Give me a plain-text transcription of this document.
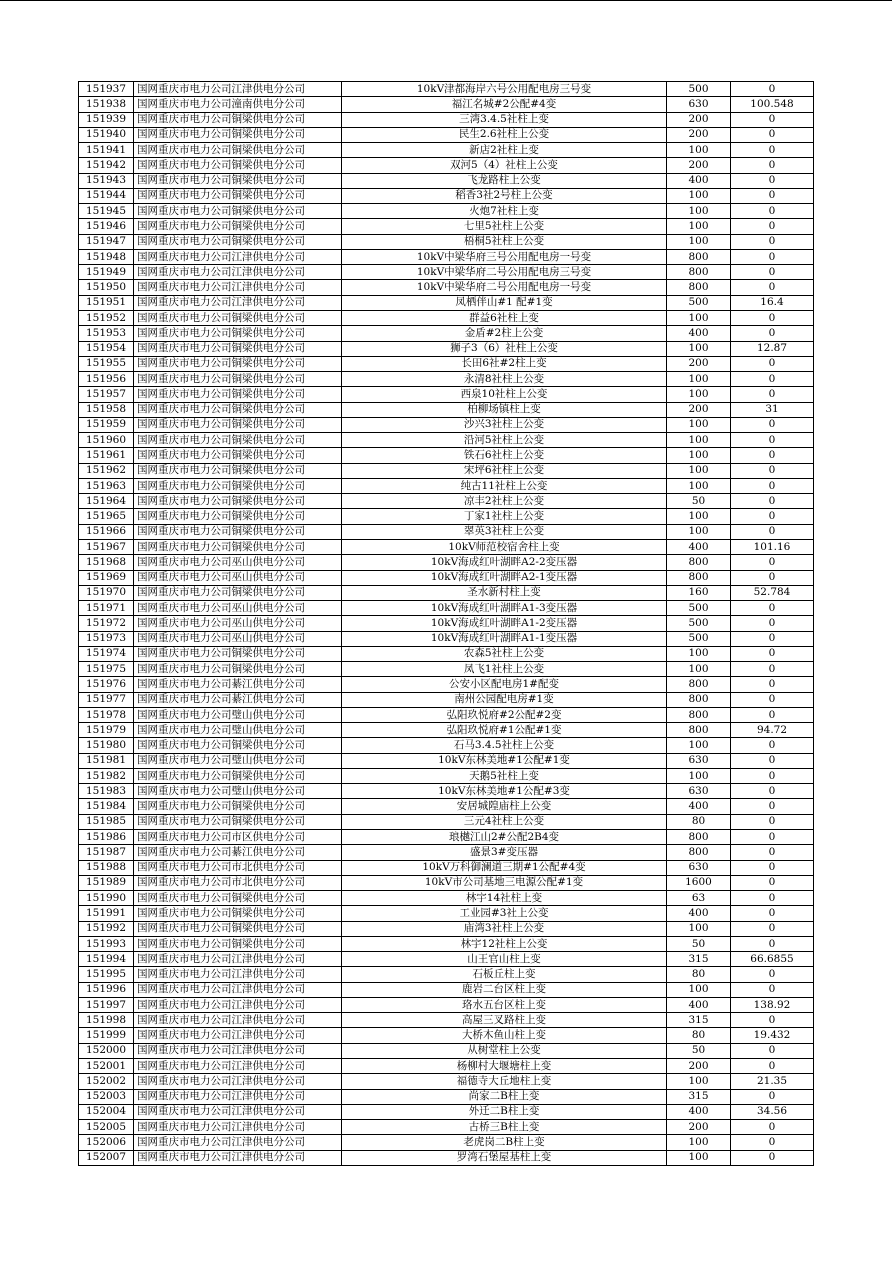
151937	国网重庆市电力公司江津供电分公司	10kV津都海岸六号公用配电房三号变	500	0
151938	国网重庆市电力公司潼南供电分公司	福江名城#2公配#4变	630	100.548
151939	国网重庆市电力公司铜梁供电分公司	三湾3.4.5社柱上变	200	0
151940	国网重庆市电力公司铜梁供电分公司	民生2.6社柱上公变	200	0
151941	国网重庆市电力公司铜梁供电分公司	新店2社柱上变	100	0
151942	国网重庆市电力公司铜梁供电分公司	双河5（4）社柱上公变	200	0
151943	国网重庆市电力公司铜梁供电分公司	飞龙路柱上公变	400	0
151944	国网重庆市电力公司铜梁供电分公司	稻香3社2号柱上公变	100	0
151945	国网重庆市电力公司铜梁供电分公司	火炮7社柱上变	100	0
151946	国网重庆市电力公司铜梁供电分公司	七里5社柱上公变	100	0
151947	国网重庆市电力公司铜梁供电分公司	梧桐5社柱上公变	100	0
151948	国网重庆市电力公司江津供电分公司	10kV中梁华府三号公用配电房一号变	800	0
151949	国网重庆市电力公司江津供电分公司	10kV中梁华府二号公用配电房三号变	800	0
151950	国网重庆市电力公司江津供电分公司	10kV中梁华府二号公用配电房一号变	800	0
151951	国网重庆市电力公司江津供电分公司	凤栖伴山#1 配#1变	500	16.4
151952	国网重庆市电力公司铜梁供电分公司	群益6社柱上变	100	0
151953	国网重庆市电力公司铜梁供电分公司	金盾#2柱上公变	400	0
151954	国网重庆市电力公司铜梁供电分公司	狮子3（6）社柱上公变	100	12.87
151955	国网重庆市电力公司铜梁供电分公司	长田6社#2柱上变	200	0
151956	国网重庆市电力公司铜梁供电分公司	永清8社柱上公变	100	0
151957	国网重庆市电力公司铜梁供电分公司	西泉10社柱上公变	100	0
151958	国网重庆市电力公司铜梁供电分公司	柏柳场镇柱上变	200	31
151959	国网重庆市电力公司铜梁供电分公司	沙兴3社柱上公变	100	0
151960	国网重庆市电力公司铜梁供电分公司	沿河5社柱上公变	100	0
151961	国网重庆市电力公司铜梁供电分公司	铁石6社柱上公变	100	0
151962	国网重庆市电力公司铜梁供电分公司	宋坪6社柱上公变	100	0
151963	国网重庆市电力公司铜梁供电分公司	纯古11社柱上公变	100	0
151964	国网重庆市电力公司铜梁供电分公司	凉丰2社柱上公变	50	0
151965	国网重庆市电力公司铜梁供电分公司	丁家1社柱上公变	100	0
151966	国网重庆市电力公司铜梁供电分公司	翠英3社柱上公变	100	0
151967	国网重庆市电力公司铜梁供电分公司	10kV师范校宿舍柱上变	400	101.16
151968	国网重庆市电力公司巫山供电分公司	10kV海成红叶湖畔A2-2变压器	800	0
151969	国网重庆市电力公司巫山供电分公司	10kV海成红叶湖畔A2-1变压器	800	0
151970	国网重庆市电力公司铜梁供电分公司	圣水新村柱上变	160	52.784
151971	国网重庆市电力公司巫山供电分公司	10kV海成红叶湖畔A1-3变压器	500	0
151972	国网重庆市电力公司巫山供电分公司	10kV海成红叶湖畔A1-2变压器	500	0
151973	国网重庆市电力公司巫山供电分公司	10kV海成红叶湖畔A1-1变压器	500	0
151974	国网重庆市电力公司铜梁供电分公司	农森5社柱上公变	100	0
151975	国网重庆市电力公司铜梁供电分公司	凤飞1社柱上公变	100	0
151976	国网重庆市电力公司綦江供电分公司	公安小区配电房1#配变	800	0
151977	国网重庆市电力公司綦江供电分公司	南州公园配电房#1变	800	0
151978	国网重庆市电力公司璧山供电分公司	弘阳玖悦府#2公配#2变	800	0
151979	国网重庆市电力公司璧山供电分公司	弘阳玖悦府#1公配#1变	800	94.72
151980	国网重庆市电力公司铜梁供电分公司	石马3.4.5社柱上公变	100	0
151981	国网重庆市电力公司璧山供电分公司	10kV东林美地#1公配#1变	630	0
151982	国网重庆市电力公司铜梁供电分公司	天鹅5社柱上变	100	0
151983	国网重庆市电力公司璧山供电分公司	10kV东林美地#1公配#3变	630	0
151984	国网重庆市电力公司铜梁供电分公司	安居城隍庙柱上公变	400	0
151985	国网重庆市电力公司铜梁供电分公司	三元4社柱上公变	80	0
151986	国网重庆市电力公司市区供电分公司	琅樾江山2#公配2B4变	800	0
151987	国网重庆市电力公司綦江供电分公司	盛景3#变压器	800	0
151988	国网重庆市电力公司市北供电分公司	10kV万科御澜道三期#1公配#4变	630	0
151989	国网重庆市电力公司市北供电分公司	10kV市公司基地三电源公配#1变	1600	0
151990	国网重庆市电力公司铜梁供电分公司	林宇14社柱上变	63	0
151991	国网重庆市电力公司铜梁供电分公司	工业园#3社上公变	400	0
151992	国网重庆市电力公司铜梁供电分公司	庙湾3社柱上公变	100	0
151993	国网重庆市电力公司铜梁供电分公司	林宇12社柱上公变	50	0
151994	国网重庆市电力公司江津供电分公司	山王官山柱上变	315	66.6855
151995	国网重庆市电力公司江津供电分公司	石板丘柱上变	80	0
151996	国网重庆市电力公司江津供电分公司	鹿岩二台区柱上变	100	0
151997	国网重庆市电力公司江津供电分公司	珞水五台区柱上变	400	138.92
151998	国网重庆市电力公司江津供电分公司	高屋三叉路柱上变	315	0
151999	国网重庆市电力公司江津供电分公司	大桥木鱼山柱上变	80	19.432
152000	国网重庆市电力公司江津供电分公司	从树堂柱上公变	50	0
152001	国网重庆市电力公司江津供电分公司	杨柳村大堰塘柱上变	200	0
152002	国网重庆市电力公司江津供电分公司	福德寺大丘地柱上变	100	21.35
152003	国网重庆市电力公司江津供电分公司	尚家二B柱上变	315	0
152004	国网重庆市电力公司江津供电分公司	外迁二B柱上变	400	34.56
152005	国网重庆市电力公司江津供电分公司	古桥三B柱上变	200	0
152006	国网重庆市电力公司江津供电分公司	老虎岗二B柱上变	100	0
152007	国网重庆市电力公司江津供电分公司	罗湾石堡屋基柱上变	100	0
